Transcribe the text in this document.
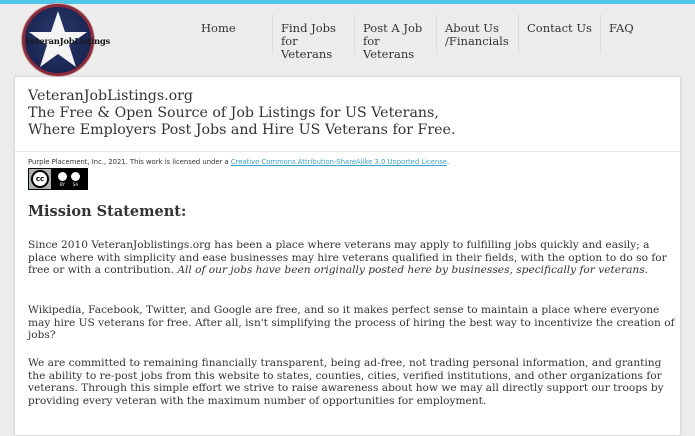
VeteranJobListings
Home	Find Jobs for Veterans
Post A Job for Veterans
About Us /Financials
Contact Us	FAQ
VeteranJobListings.org
The Free & Open Source of Job Listings for US Veterans,
Where Employers Post Jobs and Hire US Veterans for Free.
Purple Placement, Inc., 2021. This work is licensed under a Creative Commons Attribution-ShareAlike 3.0 Unported License.
cc
BY SA
Mission Statement:

Since 2010 VeteranJoblistings.org has been a place where veterans may apply to fulfilling jobs quickly and easily; a place where with simplicity and ease businesses may hire veterans qualified in their fields, with the option to do so for free or with a contribution. All of our jobs have been originally posted here by businesses, specifically for veterans.

Wikipedia, Facebook, Twitter, and Google are free, and so it makes perfect sense to maintain a place where everyone may hire US veterans for free. After all, isn't simplifying the process of hiring the best way to incentivize the creation of jobs?

We are committed to remaining financially transparent, being ad-free, not trading personal information, and granting the ability to re-post jobs from this website to states, counties, cities, verified institutions, and other organizations for veterans. Through this simple effort we strive to raise awareness about how we may all directly support our troops by providing every veteran with the maximum number of opportunities for employment.
